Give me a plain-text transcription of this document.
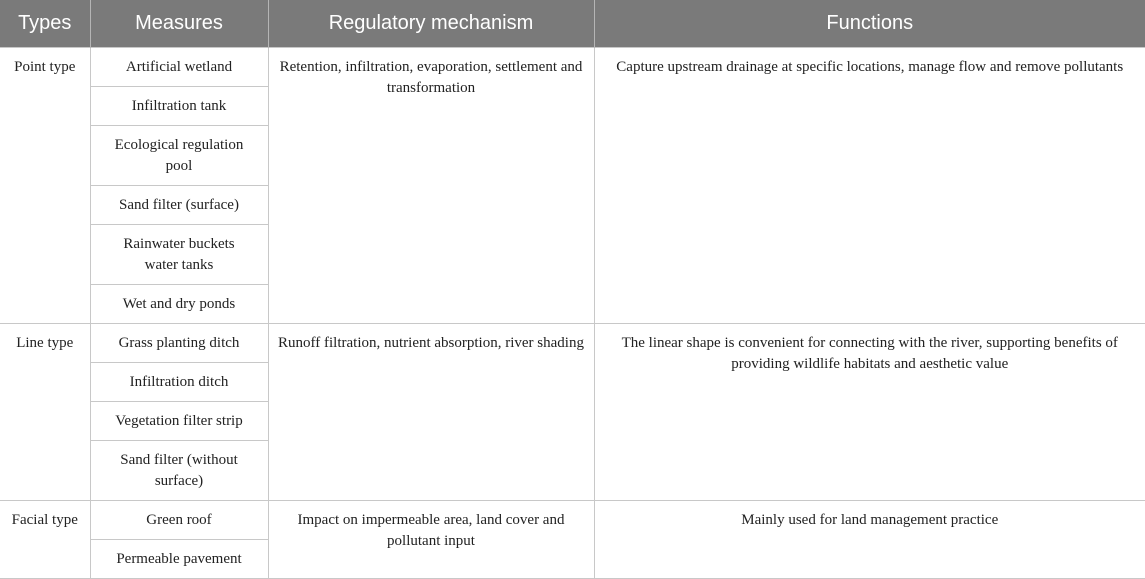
Types	Measures	Regulatory mechanism	Functions
Point type	Artificial wetland	Retention, infiltration, evaporation, settlement and transformation	Capture upstream drainage at specific locations, manage flow and remove pollutants
	Infiltration tank		
	Ecological regulation pool		
	Sand filter (surface)		
	Rainwater buckets water tanks		
	Wet and dry ponds		
Line type	Grass planting ditch	Runoff filtration, nutrient absorption, river shading	The linear shape is convenient for connecting with the river, supporting benefits of providing wildlife habitats and aesthetic value
	Infiltration ditch		
	Vegetation filter strip		
	Sand filter (without surface)		
Facial type	Green roof	Impact on impermeable area, land cover and pollutant input	Mainly used for land management practice
	Permeable pavement		
